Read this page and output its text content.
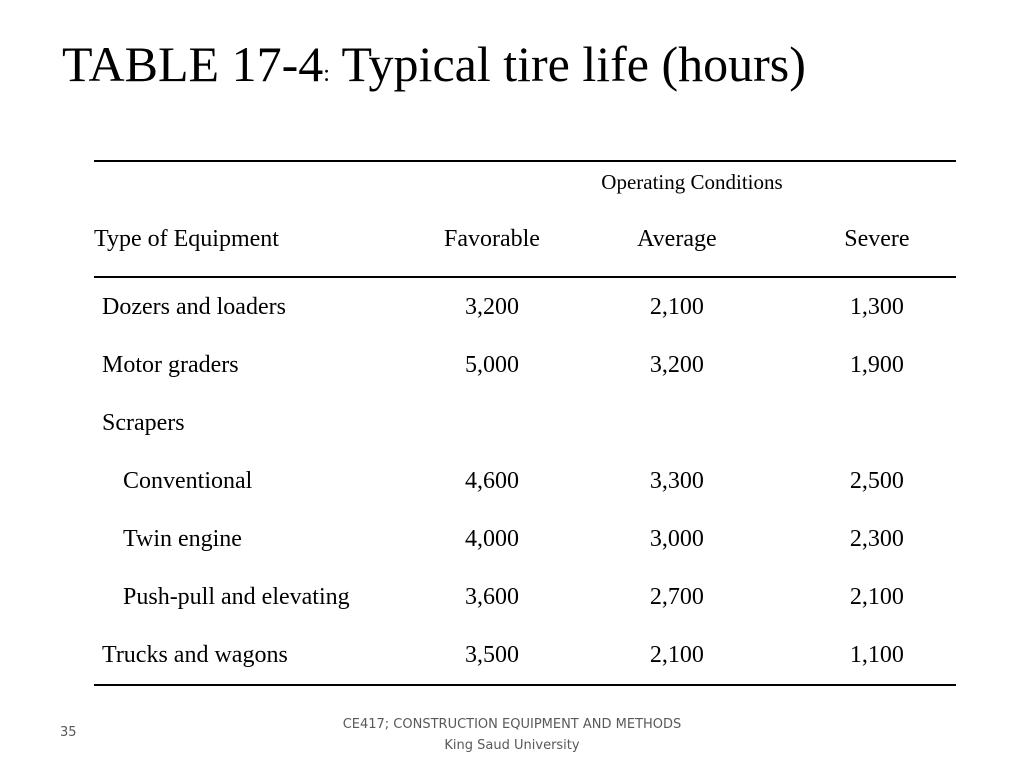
TABLE 17-4: Typical tire life (hours)
	Operating Conditions		
Type of Equipment	Favorable	Average	Severe
Dozers and loaders	3,200	2,100	1,300
Motor graders	5,000	3,200	1,900
Scrapers			
Conventional	4,600	3,300	2,500
Twin engine	4,000	3,000	2,300
Push-pull and elevating	3,600	2,700	2,100
Trucks and wagons	3,500	2,100	1,100
35
CE417; CONSTRUCTION EQUIPMENT AND METHODS
King Saud University
